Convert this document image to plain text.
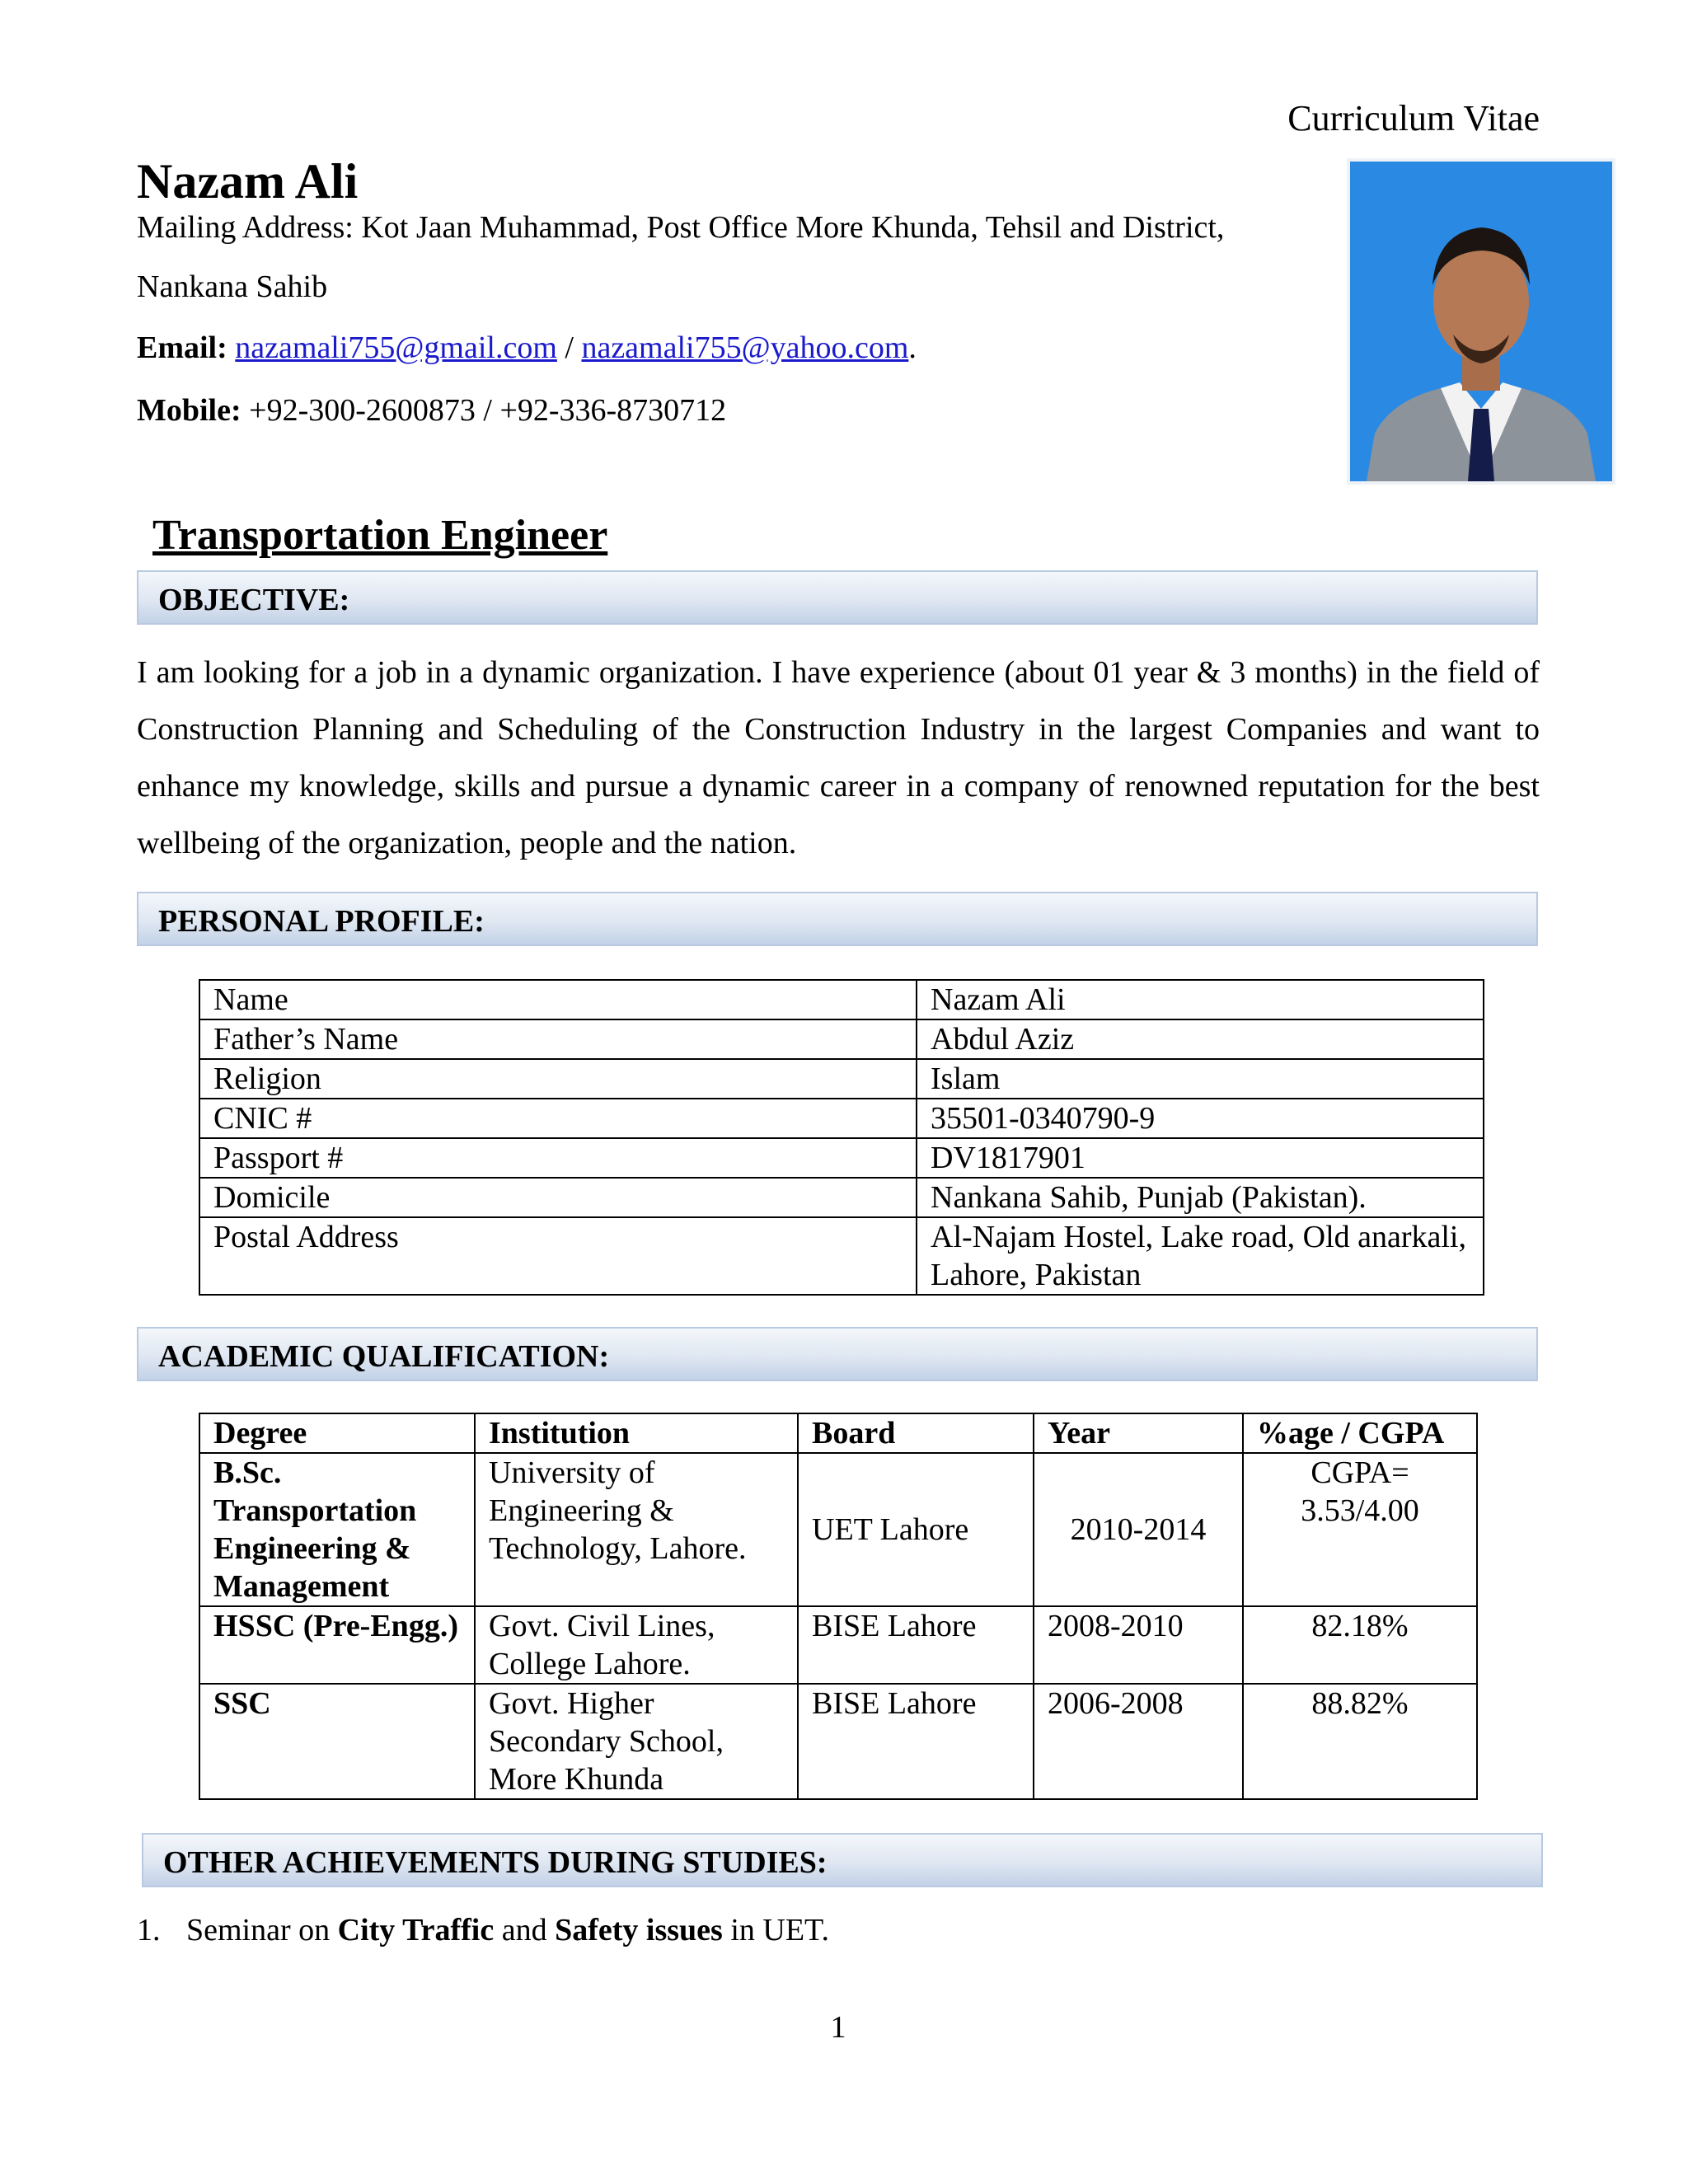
Curriculum Vitae
Nazam Ali
Mailing Address: Kot Jaan Muhammad, Post Office More Khunda, Tehsil and District,
Nankana Sahib
Email: nazamali755@gmail.com / nazamali755@yahoo.com.
Mobile: +92-300-2600873 / +92-336-8730712
Transportation Engineer
OBJECTIVE:

I am looking for a job in a dynamic organization. I have experience (about 01 year & 3 months) in the field of Construction Planning and Scheduling of the Construction Industry in the largest Companies and want to enhance my knowledge, skills and pursue a dynamic career in a company of renowned reputation for the best wellbeing of the organization, people and the nation.

PERSONAL PROFILE:
Name	Nazam Ali
Father’s Name	Abdul Aziz
Religion	Islam
CNIC #	35501-0340790-9
Passport #	DV1817901
Domicile	Nankana Sahib, Punjab (Pakistan).
Postal Address	Al-Najam Hostel, Lake road, Old anarkali, Lahore, Pakistan
ACADEMIC QUALIFICATION:
Degree	Institution	Board	Year	%age / CGPA
B.Sc. Transportation Engineering & Management	University of Engineering & Technology, Lahore.	UET Lahore	2010-2014	CGPA= 3.53/4.00
HSSC (Pre-Engg.)	Govt. Civil Lines, College Lahore.	BISE Lahore	2008-2010	82.18%
SSC	Govt. Higher Secondary School, More Khunda	BISE Lahore	2006-2008	88.82%
OTHER ACHIEVEMENTS DURING STUDIES:
1. Seminar on City Traffic and Safety issues in UET.
1
